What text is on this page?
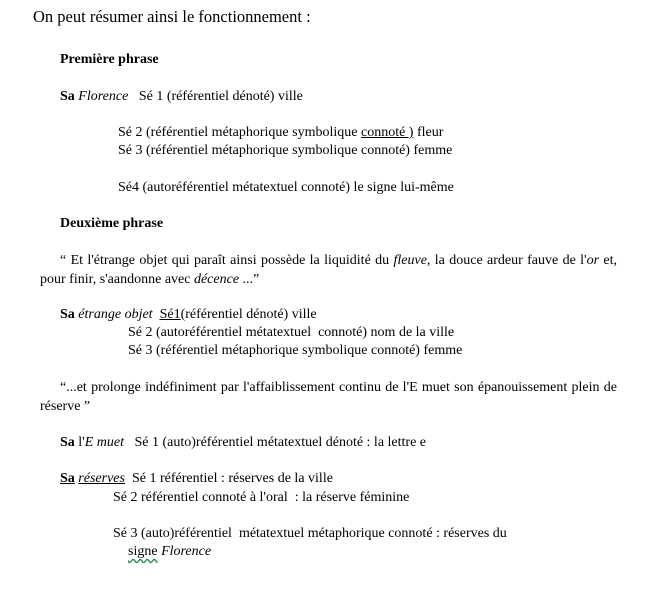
On peut résumer ainsi le fonctionnement :
Première phrase
Sa Florence Sé 1 (référentiel dénoté) ville
Sé 2 (référentiel métaphorique symbolique connoté ) fleur
Sé 3 (référentiel métaphorique symbolique connoté) femme
Sé4 (autoréférentiel métatextuel connoté) le signe lui-même
Deuxième phrase
“ Et l'étrange objet qui paraît ainsi possède la liquidité du fleuve, la douce ardeur fauve de l'or et, pour finir, s'aandonne avec décence ...”
Sa étrange objet Sé1(référentiel dénoté) ville
Sé 2 (autoréférentiel métatextuel  connoté) nom de la ville
Sé 3 (référentiel métaphorique symbolique connoté) femme
“...et prolonge indéfiniment par l'affaiblissement continu de l'E muet son épanouissement plein de réserve ”
Sa l'E muet Sé 1 (auto)référentiel métatextuel dénoté : la lettre e
Sa réserves Sé 1 référentiel : réserves de la ville
Sé 2 référentiel connoté à l'oral  : la réserve féminine
Sé 3 (auto)référentiel  métatextuel métaphorique connoté : réserves du
signe Florence
